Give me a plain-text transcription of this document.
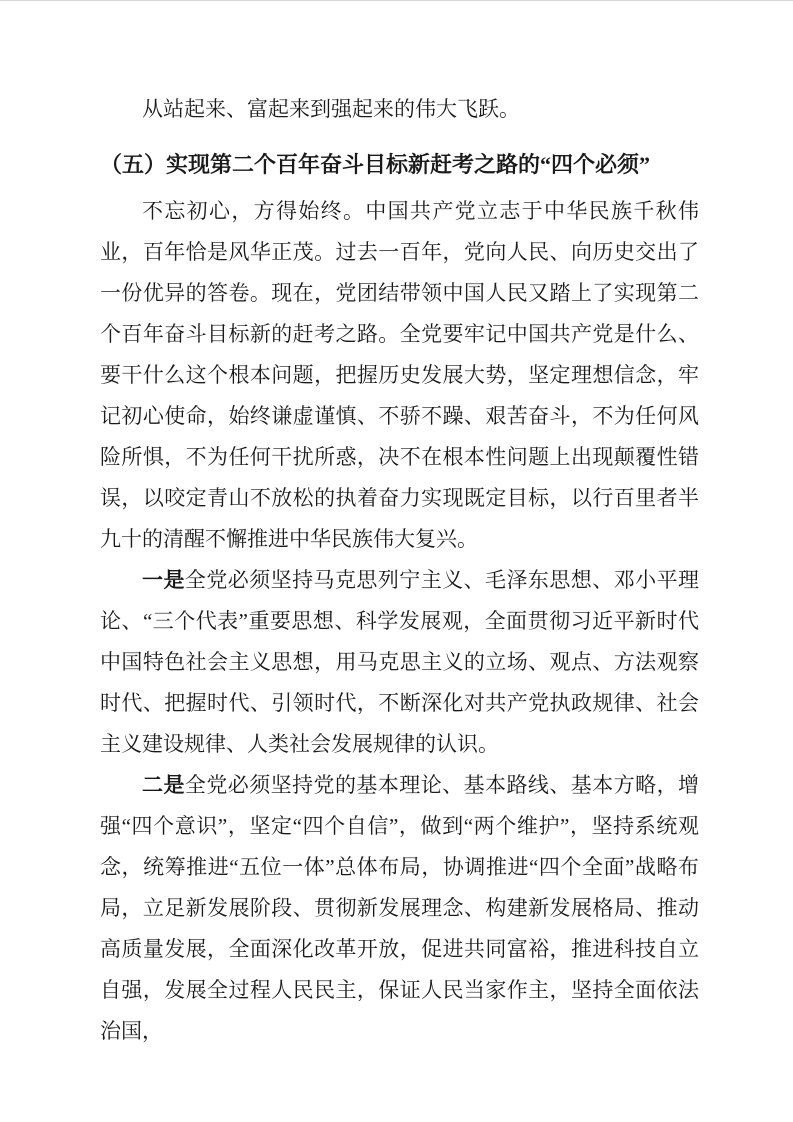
从站起来、富起来到强起来的伟大飞跃。

（五）实现第二个百年奋斗目标新赶考之路的“四个必须”

不忘初心，方得始终。中国共产党立志于中华民族千秋伟业，百年恰是风华正茂。过去一百年，党向人民、向历史交出了一份优异的答卷。现在，党团结带领中国人民又踏上了实现第二个百年奋斗目标新的赶考之路。全党要牢记中国共产党是什么、要干什么这个根本问题，把握历史发展大势，坚定理想信念，牢记初心使命，始终谦虚谨慎、不骄不躁、艰苦奋斗，不为任何风险所惧，不为任何干扰所惑，决不在根本性问题上出现颠覆性错误，以咬定青山不放松的执着奋力实现既定目标，以行百里者半九十的清醒不懈推进中华民族伟大复兴。

一是全党必须坚持马克思列宁主义、毛泽东思想、邓小平理论、“三个代表”重要思想、科学发展观，全面贯彻习近平新时代中国特色社会主义思想，用马克思主义的立场、观点、方法观察时代、把握时代、引领时代，不断深化对共产党执政规律、社会主义建设规律、人类社会发展规律的认识。

二是全党必须坚持党的基本理论、基本路线、基本方略，增强“四个意识”，坚定“四个自信”，做到“两个维护”，坚持系统观念，统筹推进“五位一体”总体布局，协调推进“四个全面”战略布局，立足新发展阶段、贯彻新发展理念、构建新发展格局、推动高质量发展，全面深化改革开放，促进共同富裕，推进科技自立自强，发展全过程人民民主，保证人民当家作主，坚持全面依法治国，
